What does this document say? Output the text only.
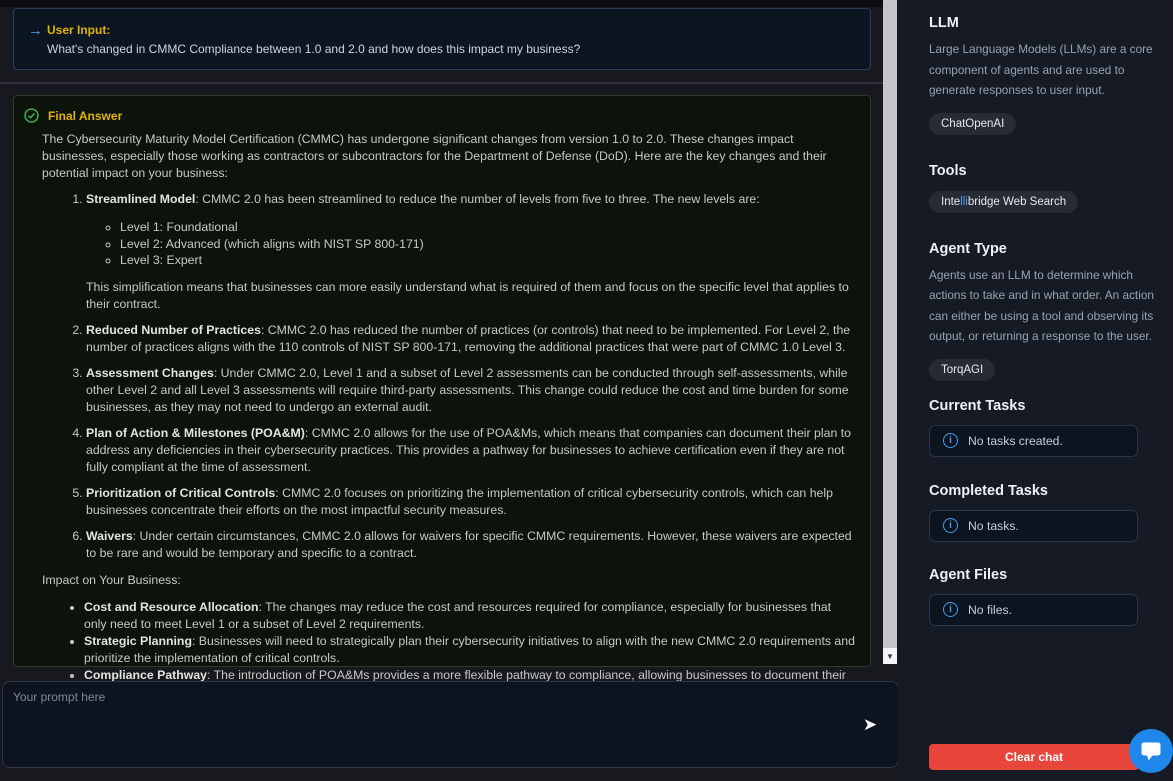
→ User Input:
What's changed in CMMC Compliance between 1.0 and 2.0 and how does this impact my business?
Final Answer

The Cybersecurity Maturity Model Certification (CMMC) has undergone significant changes from version 1.0 to 2.0. These changes impact businesses, especially those working as contractors or subcontractors for the Department of Defense (DoD). Here are the key changes and their potential impact on your business:

1. Streamlined Model: CMMC 2.0 has been streamlined to reduce the number of levels from five to three. The new levels are:
◦ Level 1: Foundational
◦ Level 2: Advanced (which aligns with NIST SP 800-171)
◦ Level 3: Expert

This simplification means that businesses can more easily understand what is required of them and focus on the specific level that applies to their contract.

2. Reduced Number of Practices: CMMC 2.0 has reduced the number of practices (or controls) that need to be implemented. For Level 2, the number of practices aligns with the 110 controls of NIST SP 800-171, removing the additional practices that were part of CMMC 1.0 Level 3.
3. Assessment Changes: Under CMMC 2.0, Level 1 and a subset of Level 2 assessments can be conducted through self-assessments, while other Level 2 and all Level 3 assessments will require third-party assessments. This change could reduce the cost and time burden for some businesses, as they may not need to undergo an external audit.
4. Plan of Action & Milestones (POA&M): CMMC 2.0 allows for the use of POA&Ms, which means that companies can document their plan to address any deficiencies in their cybersecurity practices. This provides a pathway for businesses to achieve certification even if they are not fully compliant at the time of assessment.
5. Prioritization of Critical Controls: CMMC 2.0 focuses on prioritizing the implementation of critical cybersecurity controls, which can help businesses concentrate their efforts on the most impactful security measures.
6. Waivers: Under certain circumstances, CMMC 2.0 allows for waivers for specific CMMC requirements. However, these waivers are expected to be rare and would be temporary and specific to a contract.

Impact on Your Business:

• Cost and Resource Allocation: The changes may reduce the cost and resources required for compliance, especially for businesses that only need to meet Level 1 or a subset of Level 2 requirements.
• Strategic Planning: Businesses will need to strategically plan their cybersecurity initiatives to align with the new CMMC 2.0 requirements and prioritize the implementation of critical controls.
• Compliance Pathway: The introduction of POA&Ms provides a more flexible pathway to compliance, allowing businesses to document their
•
▼
Your prompt here
➤
LLM

Large Language Models (LLMs) are a core component of agents and are used to generate responses to user input.

ChatOpenAI
Tools
Intellibridge Web Search
Agent Type

Agents use an LLM to determine which actions to take and in what order. An action can either be using a tool and observing its output, or returning a response to the user.

TorqAGI
Current Tasks
i	No tasks created.
Completed Tasks
i	No tasks.
Agent Files
i	No files.
Clear chat
